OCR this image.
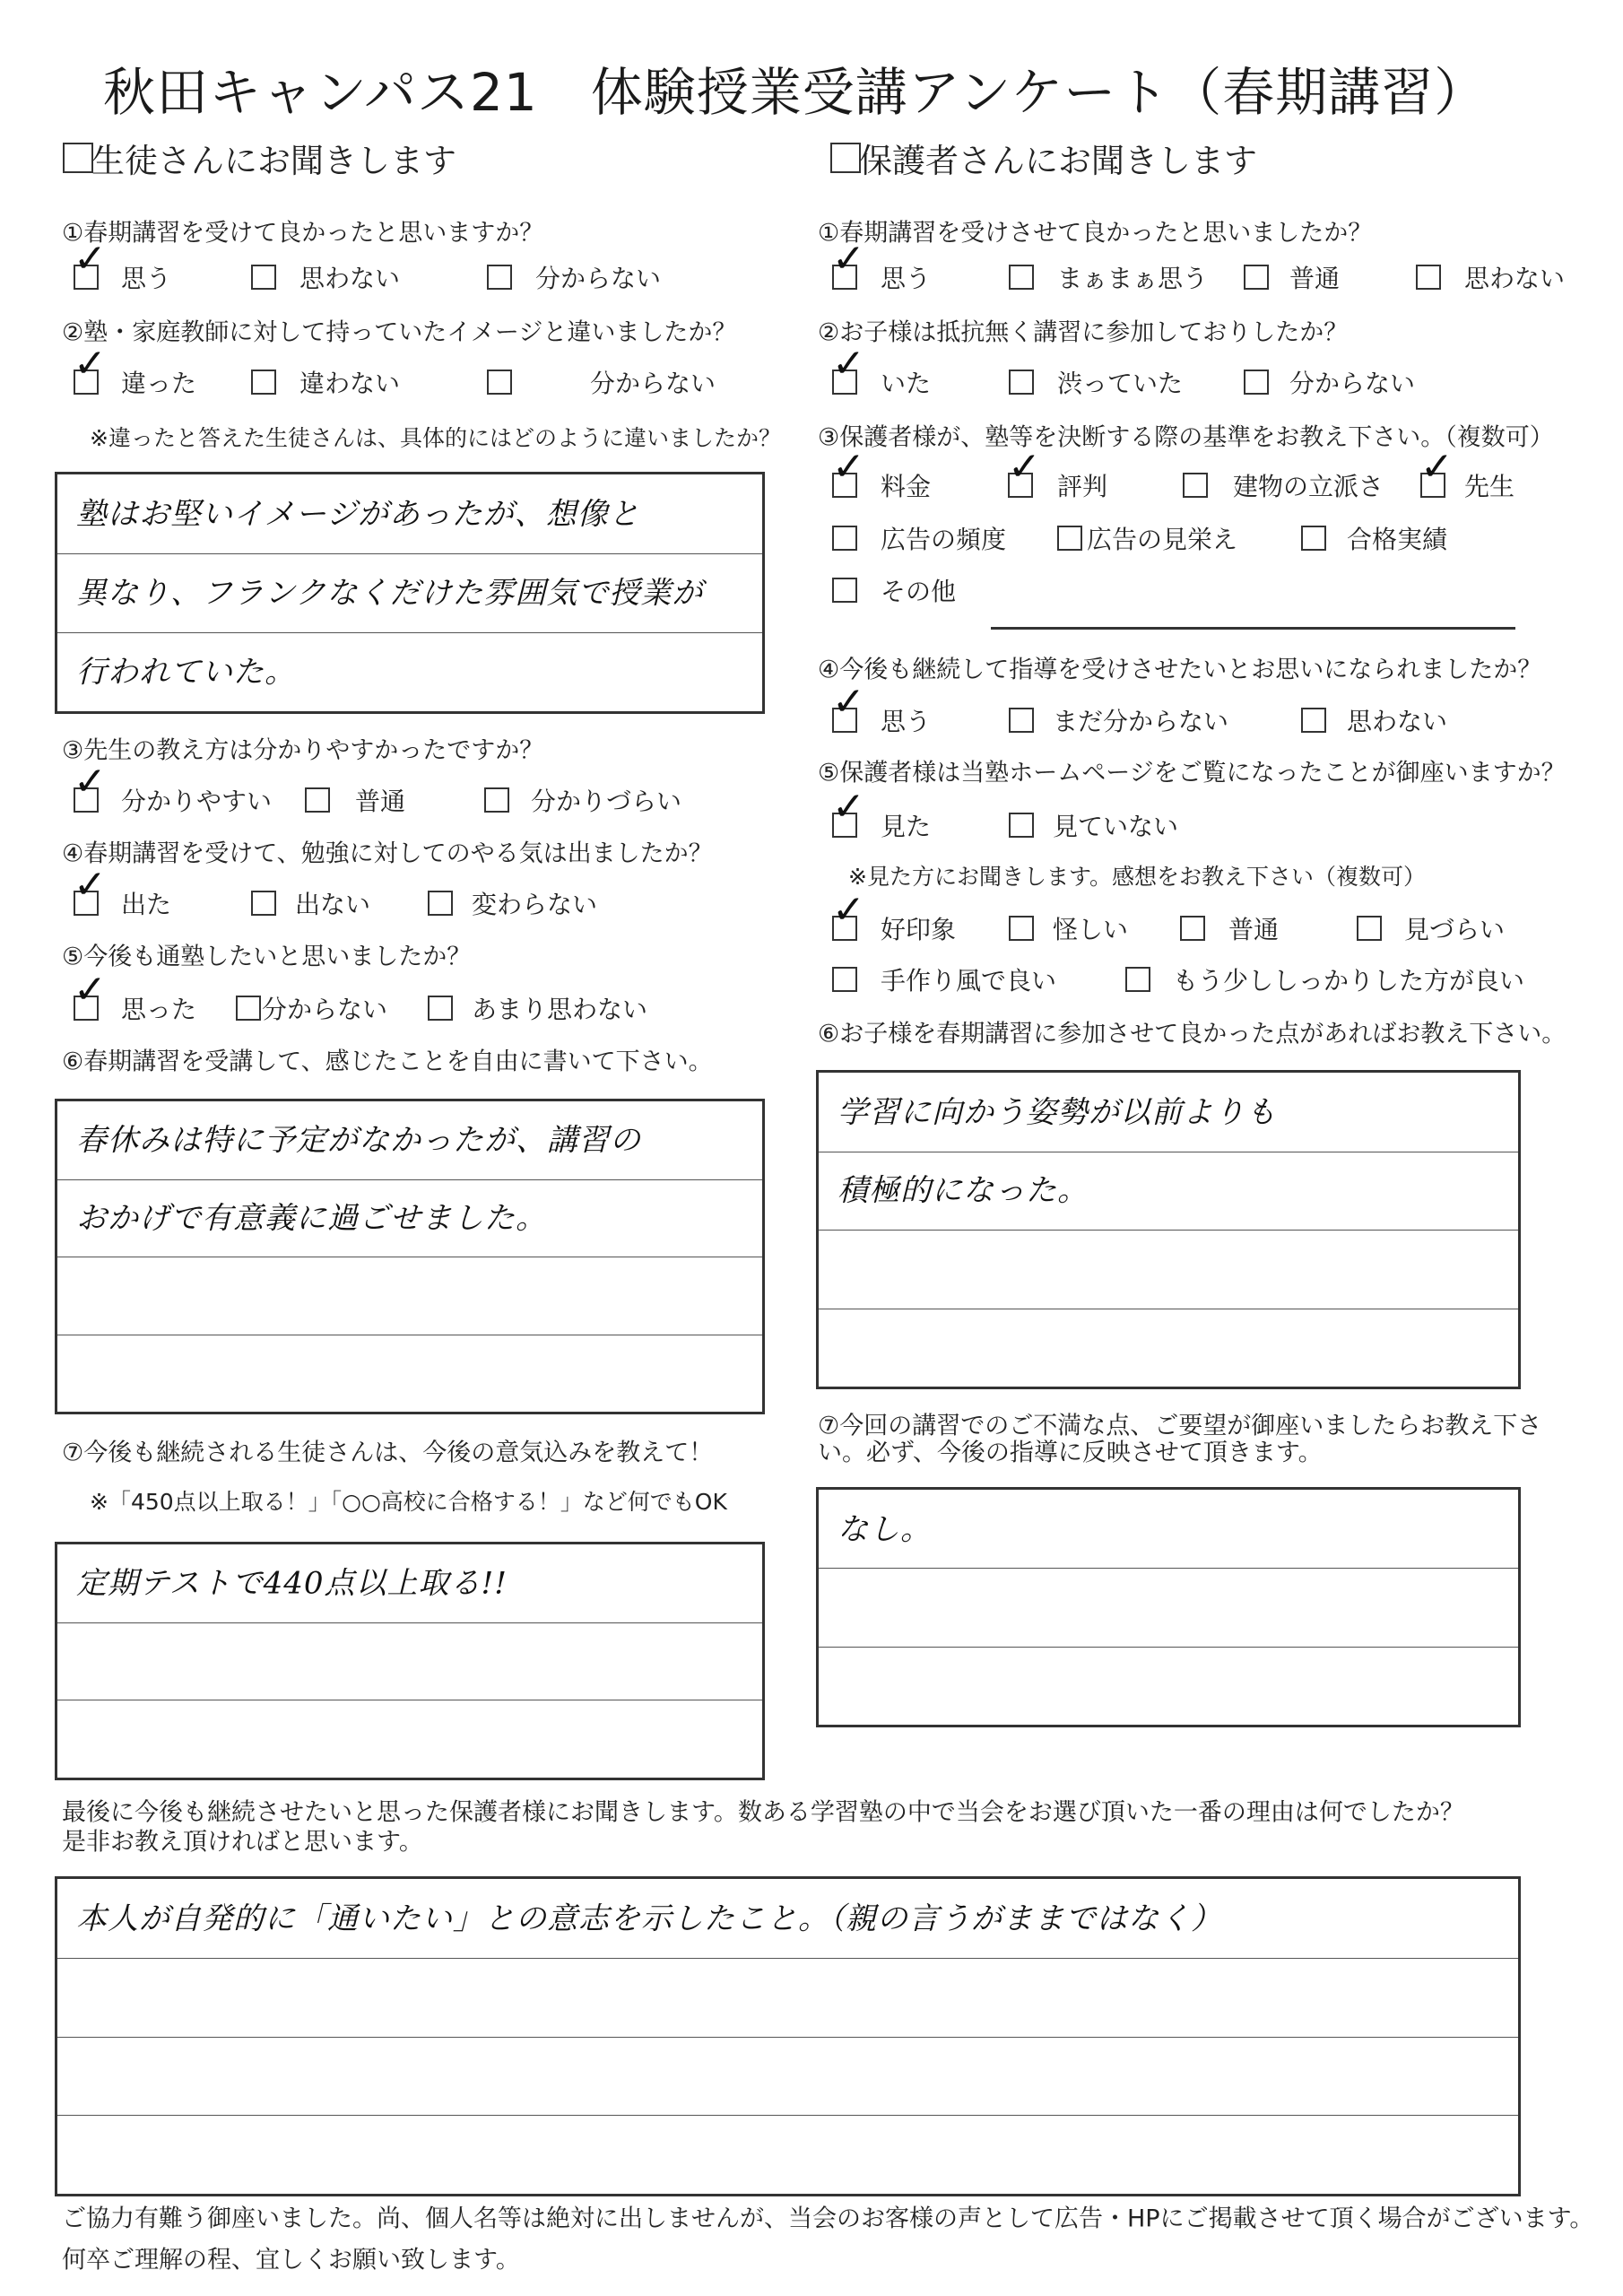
秋田キャンパス21　体験授業受講アンケート（春期講習）
生徒さんにお聞きします
①春期講習を受けて良かったと思いますか？
✓ 思う	思わない	分からない
②塾・家庭教師に対して持っていたイメージと違いましたか？
✓ 違った	違わない	分からない
※違ったと答えた生徒さんは、具体的にはどのように違いましたか？
塾はお堅いイメージがあったが、想像と
異なり、フランクなくだけた雰囲気で授業が
行われていた。
③先生の教え方は分かりやすかったですか？
✓ 分かりやすい	普通	分かりづらい
④春期講習を受けて、勉強に対してのやる気は出ましたか？
✓ 出た	出ない	変わらない
⑤今後も通塾したいと思いましたか？
✓ 思った	分からない	あまり思わない
⑥春期講習を受講して、感じたことを自由に書いて下さい。
春休みは特に予定がなかったが、講習の
おかげで有意義に過ごせました。
⑦今後も継続される生徒さんは、今後の意気込みを教えて！
※「450点以上取る！」「○○高校に合格する！」など何でもOK
定期テストで440点以上取る!!
保護者さんにお聞きします
①春期講習を受けさせて良かったと思いましたか？
✓ 思う	まぁまぁ思う	普通	思わない
②お子様は抵抗無く講習に参加しておりしたか？
✓ いた	渋っていた	分からない
③保護者様が、塾等を決断する際の基準をお教え下さい。（複数可）
✓ 料金 ✓ 評判	建物の立派さ ✓ 先生
広告の頻度	広告の見栄え	合格実績
その他
④今後も継続して指導を受けさせたいとお思いになられましたか？
✓ 思う	まだ分からない	思わない
⑤保護者様は当塾ホームページをご覧になったことが御座いますか？
✓ 見た	見ていない
※見た方にお聞きします。感想をお教え下さい（複数可）
✓ 好印象	怪しい	普通	見づらい
手作り風で良い	もう少ししっかりした方が良い
⑥お子様を春期講習に参加させて良かった点があればお教え下さい。
学習に向かう姿勢が以前よりも
積極的になった。
⑦今回の講習でのご不満な点、ご要望が御座いましたらお教え下さ
い。必ず、今後の指導に反映させて頂きます。
なし。
最後に今後も継続させたいと思った保護者様にお聞きします。数ある学習塾の中で当会をお選び頂いた一番の理由は何でしたか？
是非お教え頂ければと思います。
本人が自発的に「通いたい」との意志を示したこと。（親の言うがままではなく）
ご協力有難う御座いました。尚、個人名等は絶対に出しませんが、当会のお客様の声として広告・HPにご掲載させて頂く場合がございます。
何卒ご理解の程、宜しくお願い致します。
